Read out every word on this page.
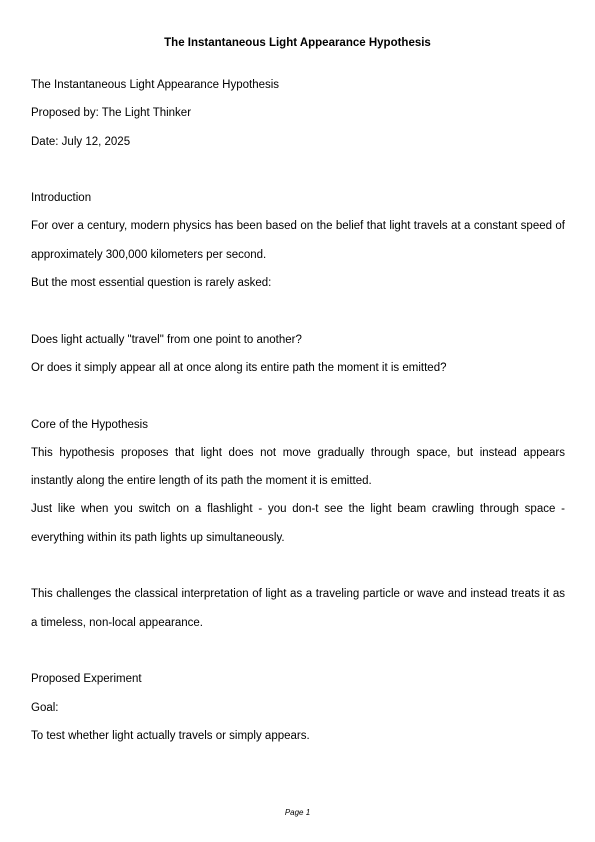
The Instantaneous Light Appearance Hypothesis

The Instantaneous Light Appearance Hypothesis

Proposed by: The Light Thinker

Date: July 12, 2025

Introduction

For over a century, modern physics has been based on the belief that light travels at a constant speed of approximately 300,000 kilometers per second.

But the most essential question is rarely asked:

Does light actually "travel" from one point to another?

Or does it simply appear all at once along its entire path the moment it is emitted?

Core of the Hypothesis

This hypothesis proposes that light does not move gradually through space, but instead appears instantly along the entire length of its path the moment it is emitted.

Just like when you switch on a flashlight - you don-t see the light beam crawling through space - everything within its path lights up simultaneously.

This challenges the classical interpretation of light as a traveling particle or wave and instead treats it as a timeless, non-local appearance.

Proposed Experiment

Goal:

To test whether light actually travels or simply appears.

Page 1
